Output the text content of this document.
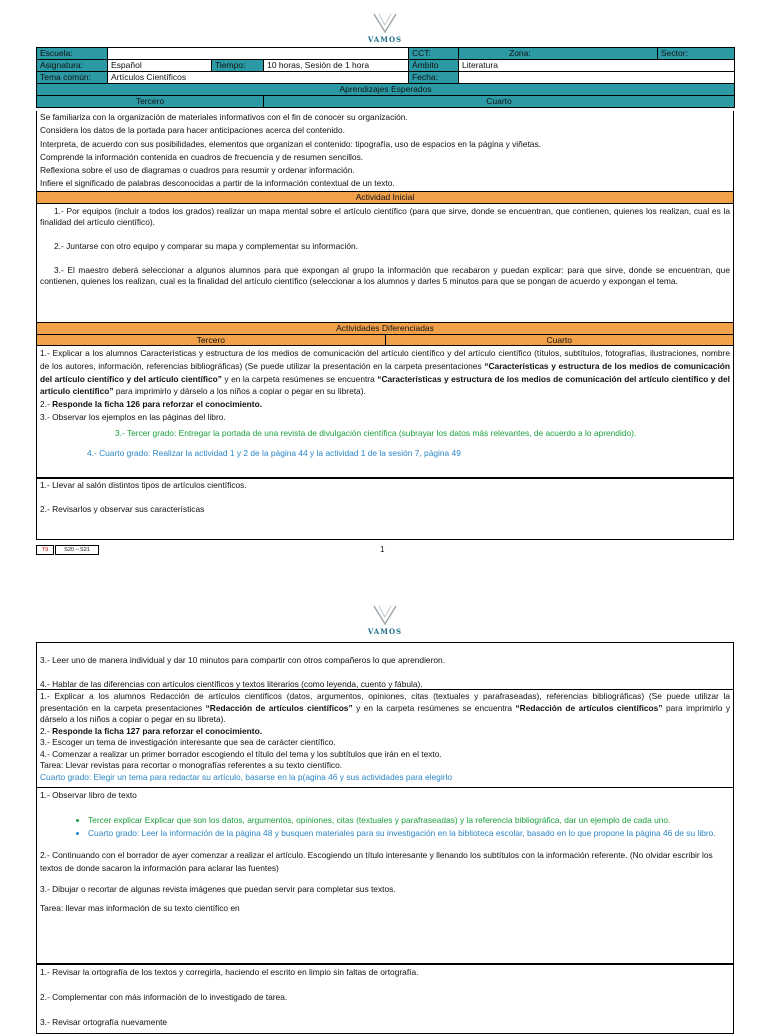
VAMOS
Escuela:				CCT:	Zona:	Sector:
Asignatura:	Español	Tiempo:	10 horas, Sesión de 1 hora	Ámbito	Literatura	
Tema común:	Artículos Científicos			Fecha:		
Aprendizajes Esperados						
Tercero			Cuarto			

Se familiariza con la organización de materiales informativos con el fin de conocer su organización.

Considera los datos de la portada para hacer anticipaciones acerca del contenido.

Interpreta, de acuerdo con sus posibilidades, elementos que organizan el contenido: tipografía, uso de espacios en la página y viñetas.

Comprende la información contenida en cuadros de frecuencia y de resumen sencillos.

Reflexiona sobre el uso de diagramas o cuadros para resumir y ordenar información.

Infiere el significado de palabras desconocidas a partir de la información contextual de un texto.

Actividad Inicial

1.- Por equipos (incluir a todos los grados) realizar un mapa mental sobre el artículo científico (para que sirve, donde se encuentran, que contienen, quienes los realizan, cual es la finalidad del artículo científico).

2.- Juntarse con otro equipo y comparar su mapa y complementar su información.

3.- El maestro deberá seleccionar a algunos alumnos para que expongan al grupo la información que recabaron y puedan explicar: para que sirve, donde se encuentran, que contienen, quienes los realizan, cual es la finalidad del artículo científico (seleccionar a los alumnos y darles 5 minutos para que se pongan de acuerdo y expongan el tema.

Actividades Diferenciadas
Tercero	Cuarto

1.- Explicar a los alumnos Características y estructura de los medios de comunicación del artículo científico y del artículo científico (títulos, subtítulos, fotografías, ilustraciones, nombre de los autores, información, referencias bibliográficas) (Se puede utilizar la presentación en la carpeta presentaciones “Características y estructura de los medios de comunicación del artículo científico y del artículo científico” y en la carpeta resúmenes se encuentra “Características y estructura de los medios de comunicación del artículo científico y del artículo científico” para imprimirlo y dárselo a los niños a copiar o pegar en su libreta).

2.- Responde la ficha 126 para reforzar el conocimiento.

3.- Observar los ejemplos en las páginas del libro.

3.- Tercer grado: Entregar la portada de una revista de divulgación científica (subrayar los datos más relevantes, de acuerdo a lo aprendido).

4.- Cuarto grado: Realizar la actividad 1 y 2 de la página 44 y la actividad 1 de la sesión 7, página 49

1.- Llevar al salón distintos tipos de artículos científicos.

2.- Revisarlos y observar sus características

T9	S20 – S21	1
VAMOS

3.- Leer uno de manera individual y dar 10 minutos para compartir con otros compañeros lo que aprendieron.

4.- Hablar de las diferencias con artículos científicos y textos literarios (como leyenda, cuento y fábula).

1.- Explicar a los alumnos Redacción de artículos científicos (datos, argumentos, opiniones, citas (textuales y parafraseadas), referencias bibliográficas) (Se puede utilizar la presentación en la carpeta presentaciones “Redacción de artículos científicos” y en la carpeta resúmenes se encuentra “Redacción de artículos científicos” para imprimirlo y dárselo a los niños a copiar o pegar en su libreta).

2.- Responde la ficha 127 para reforzar el conocimiento.

3.- Escoger un tema de investigación interesante que sea de carácter científico.

4.- Comenzar a realizar un primer borrador escogiendo el título del tema y los subtítulos que irán en el texto.

Tarea: Llevar revistas para recortar o monografías referentes a su texto científico.

Cuarto grado: Elegir un tema para redactar su artículo, basarse en la p(agina 46 y sus actividades para elegirlo

1.- Observar libro de texto

• Tercer explicar Explicar que son los datos, argumentos, opiniones, citas (textuales y parafraseadas) y la referencia bibliográfica, dar un ejemplo de cada uno.
• Cuarto grado: Leer la información de la página 48 y busquen materiales para su investigación en la biblioteca escolar, basado en lo que propone la página 46 de su libro.

2.- Continuando con el borrador de ayer comenzar a realizar el artículo. Escogiendo un título interesante y llenando los subtítulos con la información referente. (No olvidar escribir los textos de donde sacaron la información para aclarar las fuentes)

3.- Dibujar o recortar de algunas revista imágenes que puedan servir para completar sus textos.

Tarea: llevar mas información de su texto científico en

1.- Revisar la ortografía de los textos y corregirla, haciendo el escrito en limpio sin faltas de ortografía.

2.- Complementar con más información de lo investigado de tarea.

3.- Revisar ortografía nuevamente
